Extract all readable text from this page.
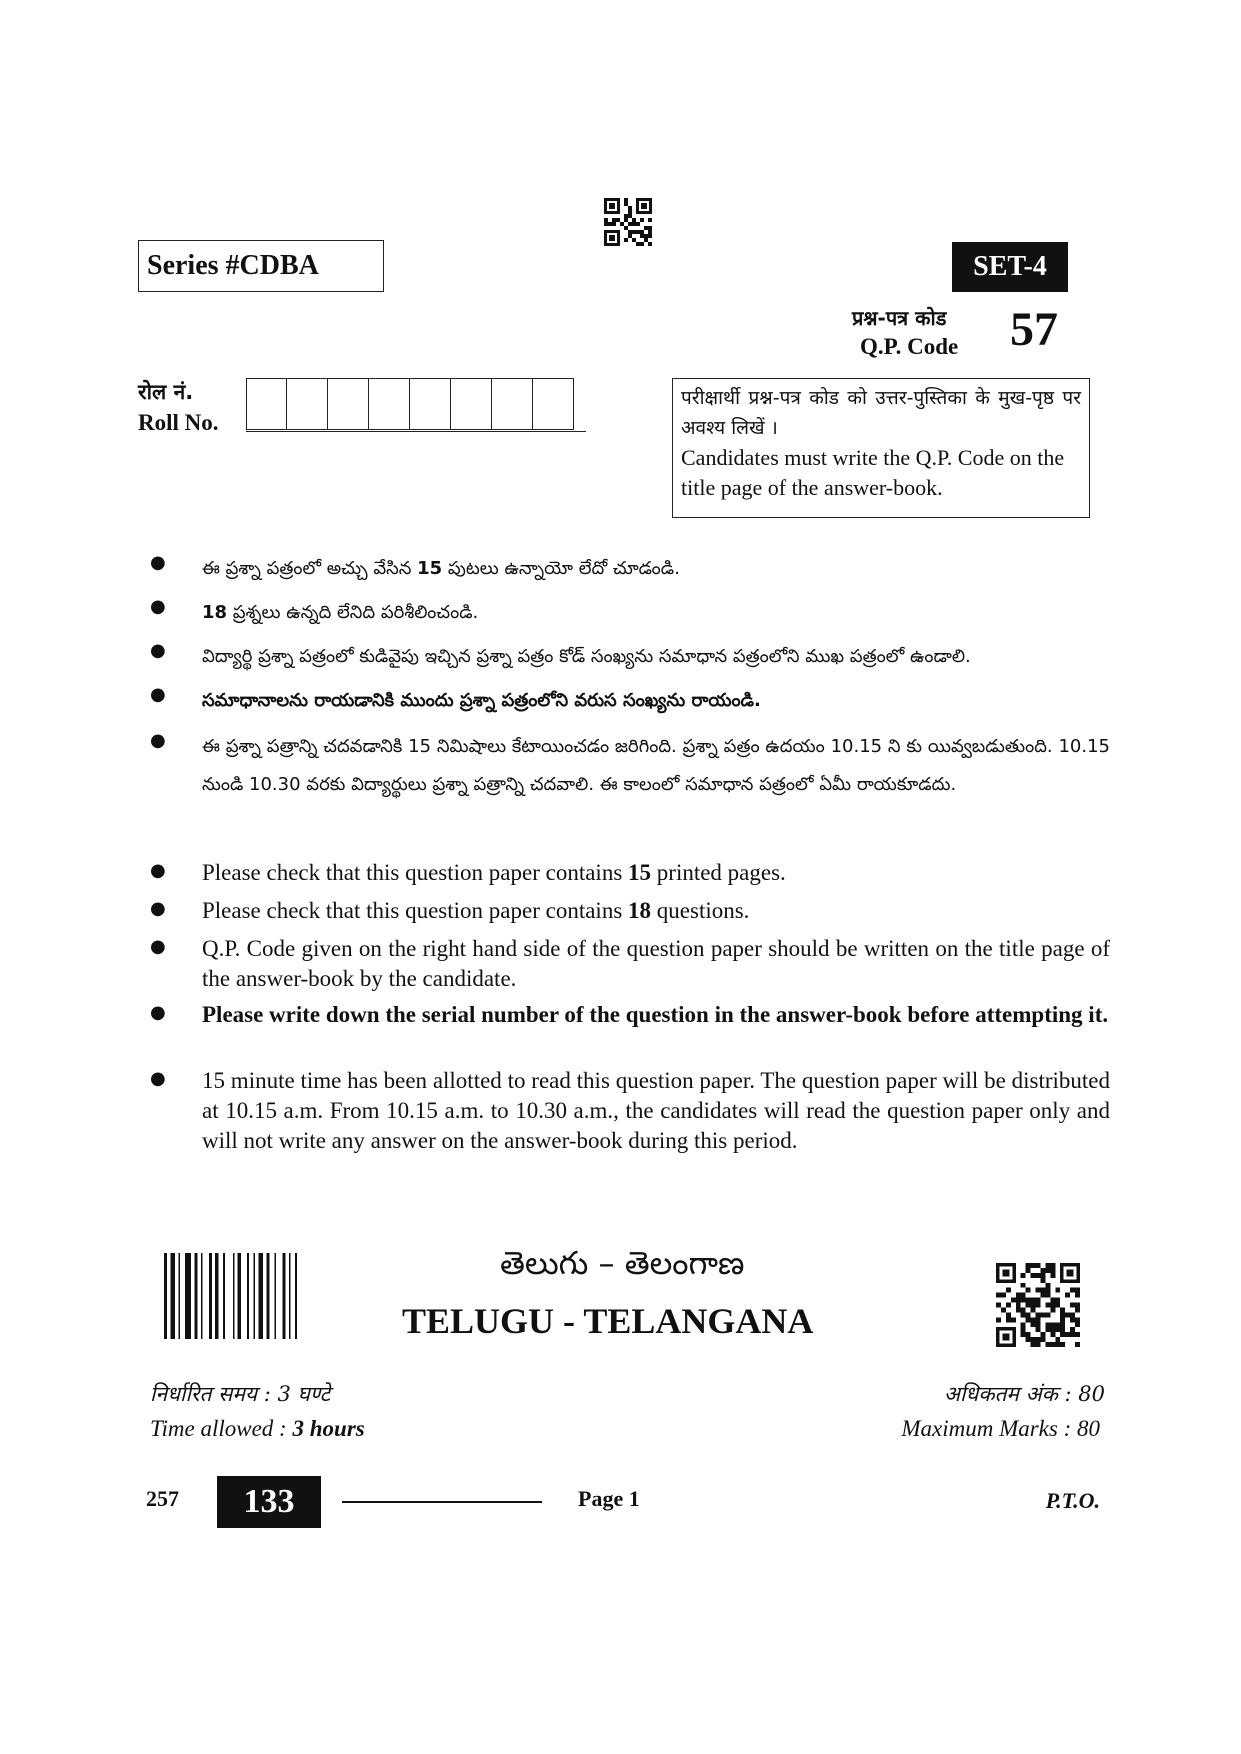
Series #CDBA	SET-4
प्रश्न-पत्र कोड
Q.P. Code 57
रोल नं.
Roll No.
परीक्षार्थी प्रश्न-पत्र कोड को उत्तर-पुस्तिका के मुख-पृष्ठ पर अवश्य लिखें ।
Candidates must write the Q.P. Code on the title page of the answer-book.
●	ఈ ప్రశ్నా పత్రంలో అచ్చు వేసిన 15 పుటలు ఉన్నాయో లేదో చూడండి.
●	18 ప్రశ్నలు ఉన్నది లేనిది పరిశీలించండి.
●	విద్యార్థి ప్రశ్నా పత్రంలో కుడివైపు ఇచ్చిన ప్రశ్నా పత్రం కోడ్ సంఖ్యను సమాధాన పత్రంలోని ముఖ పత్రంలో ఉండాలి.
●	సమాధానాలను రాయడానికి ముందు ప్రశ్నా పత్రంలోని వరుస సంఖ్యను రాయండి.
●	ఈ ప్రశ్నా పత్రాన్ని చదవడానికి 15 నిమిషాలు కేటాయించడం జరిగింది. ప్రశ్నా పత్రం ఉదయం 10.15 ని కు యివ్వబడుతుంది. 10.15 నుండి 10.30 వరకు విద్యార్థులు ప్రశ్నా పత్రాన్ని చదవాలి. ఈ కాలంలో సమాధాన పత్రంలో ఏమీ రాయకూడదు.
●	Please check that this question paper contains 15 printed pages.
●	Please check that this question paper contains 18 questions.
●	Q.P. Code given on the right hand side of the question paper should be written on the title page of the answer-book by the candidate.
●	Please write down the serial number of the question in the answer-book before attempting it.
●	15 minute time has been allotted to read this question paper. The question paper will be distributed at 10.15 a.m. From 10.15 a.m. to 10.30 a.m., the candidates will read the question paper only and will not write any answer on the answer-book during this period.
తెలుగు – తెలంగాణ
TELUGU - TELANGANA
निर्धारित समय : 3 घण्टे
Time allowed : 3 hours
अधिकतम अंक : 80
Maximum Marks : 80
257	133	Page 1	P.T.O.
